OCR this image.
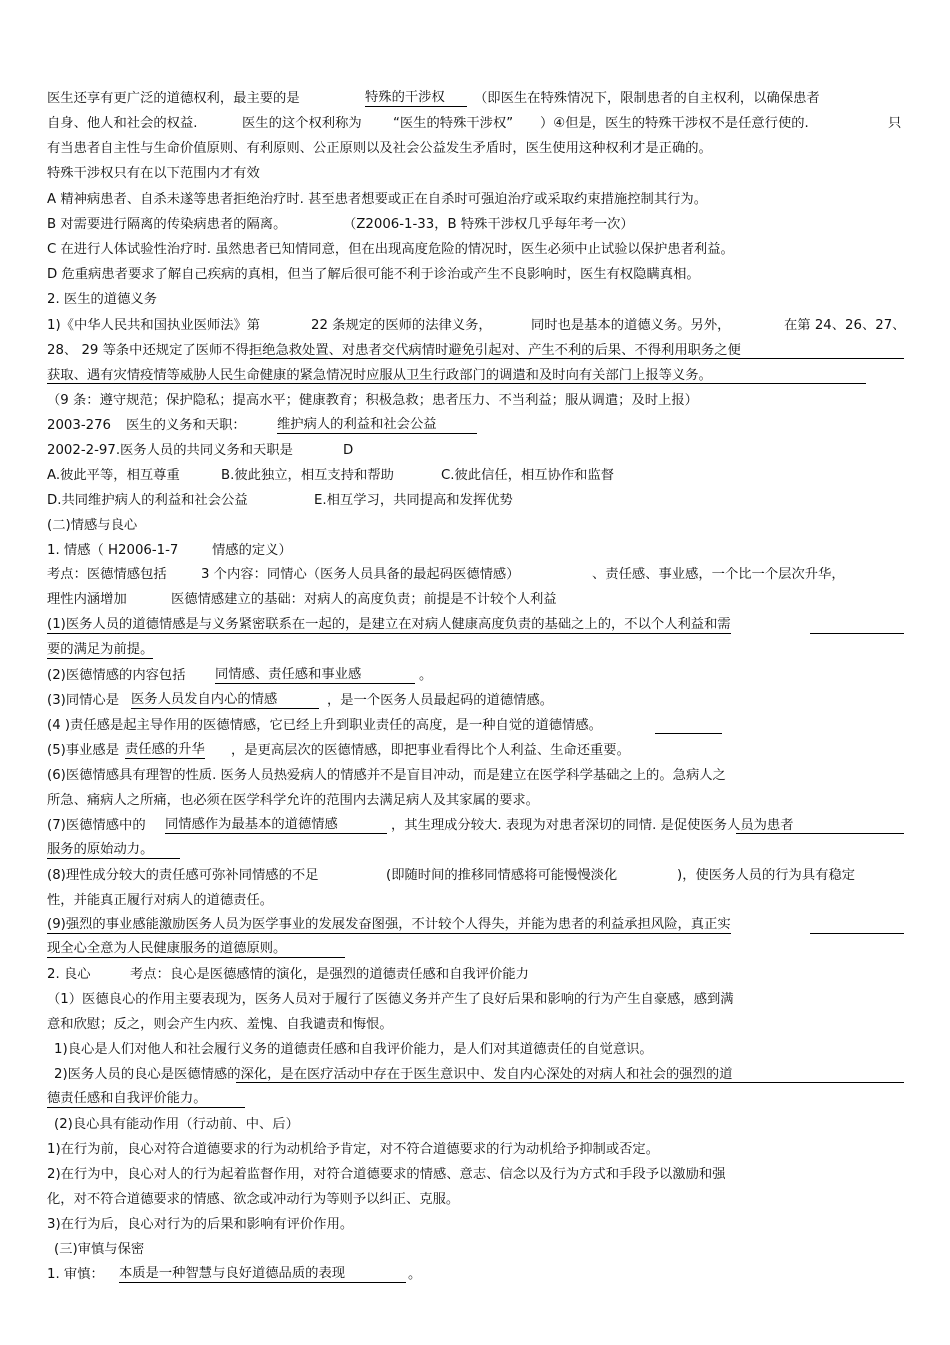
医生还享有更广泛的道德权利，最主要的是	特殊的干涉权	（即医生在特殊情况下，限制患者的自主权利，以确保患者
自身、他人和社会的权益.	医生的这个权利称为 “医生的特殊干涉权” ）④但是，医生的特殊干涉权不是任意行使的.	只
有当患者自主性与生命价值原则、有利原则、公正原则以及社会公益发生矛盾时，医生使用这种权利才是正确的。
特殊干涉权只有在以下范围内才有效
A 精神病患者、自杀未遂等患者拒绝治疗时. 甚至患者想要或正在自杀时可强迫治疗或采取约束措施控制其行为。
B 对需要进行隔离的传染病患者的隔离。	（Z2006-1-33，B 特殊干涉权几乎每年考一次）
C 在进行人体试验性治疗时. 虽然患者已知情同意，但在出现高度危险的情况时，医生必须中止试验以保护患者利益。
D 危重病患者要求了解自己疾病的真相，但当了解后很可能不利于诊治或产生不良影响时，医生有权隐瞒真相。
2. 医生的道德义务
1)《中华人民共和国执业医师法》第	22 条规定的医师的法律义务，	同时也是基本的道德义务。另外，	在第 24、26、27、
28、 29 等条中还规定了医师不得拒绝急救处置、对患者交代病情时避免引起对、产生不利的后果、不得利用职务之便
获取、遇有灾情疫情等威胁人民生命健康的紧急情况时应服从卫生行政部门的调遣和及时向有关部门上报等义务。
（9 条：遵守规范；保护隐私；提高水平；健康教育；积极急救；患者压力、不当利益；服从调遣；及时上报）
2003-276 医生的义务和天职： 维护病人的利益和社会公益
2002-2-97.医务人员的共同义务和天职是	D
A.彼此平等，相互尊重	B.彼此独立，相互支持和帮助	C.彼此信任，相互协作和监督
D.共同维护病人的利益和社会公益	E.相互学习，共同提高和发挥优势
(二)情感与良心
1. 情感（ H2006-1-7	情感的定义）
考点：医德情感包括	3 个内容：同情心（医务人员具备的最起码医德情感）	、责任感、事业感，一个比一个层次升华，
理性内涵增加	医德情感建立的基础：对病人的高度负责；前提是不计较个人利益
(1)医务人员的道德情感是与义务紧密联系在一起的，是建立在对病人健康高度负责的基础之上的，不以个人利益和需
要的满足为前提。
(2)医德情感的内容包括 同情感、责任感和事业感	。
(3)同情心是 医务人员发自内心的情感	，是一个医务人员最起码的道德情感。
(4 )责任感是起主导作用的医德情感，它已经上升到职业责任的高度，是一种自觉的道德情感。
(5)事业感是 责任感的升华 ，是更高层次的医德情感，即把事业看得比个人利益、生命还重要。
(6)医德情感具有理智的性质. 医务人员热爱病人的情感并不是盲目冲动，而是建立在医学科学基础之上的。急病人之
所急、痛病人之所痛，也必须在医学科学允许的范围内去满足病人及其家属的要求。
(7)医德情感中的 同情感作为最基本的道德情感	，其生理成分较大. 表现为对患者深切的同情. 是促使医务人员为患者
服务的原始动力。
(8)理性成分较大的责任感可弥补同情感的不足	(即随时间的推移同情感将可能慢慢淡化	)，使医务人员的行为具有稳定
性，并能真正履行对病人的道德责任。
(9)强烈的事业感能激励医务人员为医学事业的发展发奋图强，不计较个人得失，并能为患者的利益承担风险，真正实
现全心全意为人民健康服务的道德原则。
2. 良心	考点：良心是医德感情的演化，是强烈的道德责任感和自我评价能力
（1）医德良心的作用主要表现为，医务人员对于履行了医德义务并产生了良好后果和影响的行为产生自豪感，感到满
意和欣慰；反之，则会产生内疚、羞愧、自我谴责和悔恨。
1)良心是人们对他人和社会履行义务的道德责任感和自我评价能力，是人们对其道德责任的自觉意识。
2)医务人员的良心是医德情感的深化，是在医疗活动中存在于医生意识中、发自内心深处的对病人和社会的强烈的道
德责任感和自我评价能力。
(2)良心具有能动作用（行动前、中、后）
1)在行为前，良心对符合道德要求的行为动机给予肯定，对不符合道德要求的行为动机给予抑制或否定。
2)在行为中，良心对人的行为起着监督作用，对符合道德要求的情感、意志、信念以及行为方式和手段予以激励和强
化，对不符合道德要求的情感、欲念或冲动行为等则予以纠正、克服。
3)在行为后，良心对行为的后果和影响有评价作用。
(三)审慎与保密
1. 审慎： 本质是一种智慧与良好道德品质的表现	。
